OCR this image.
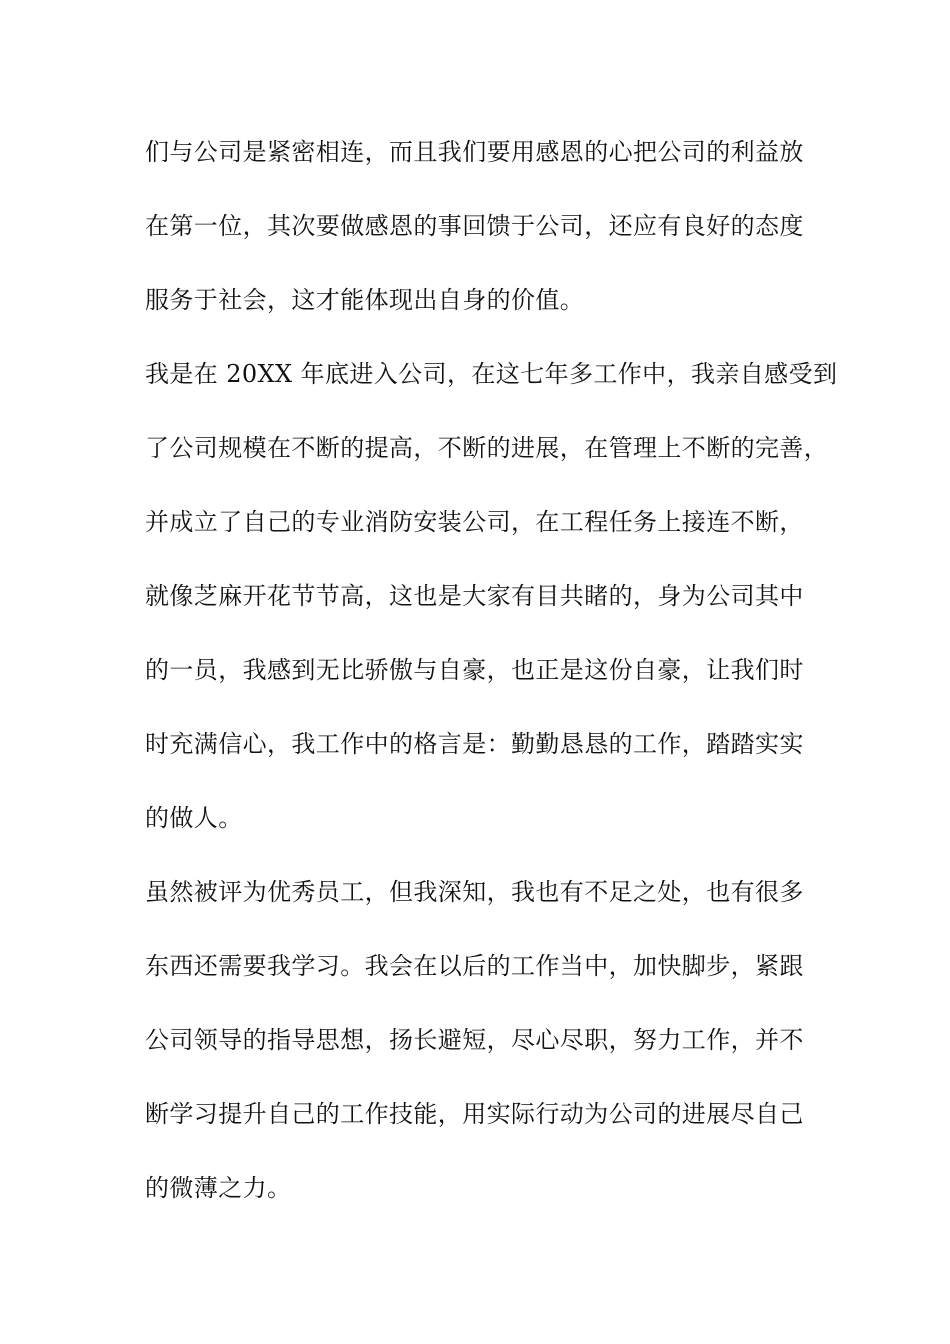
们与公司是紧密相连，而且我们要用感恩的心把公司的利益放
在第一位，其次要做感恩的事回馈于公司，还应有良好的态度
服务于社会，这才能体现出自身的价值。
我是在 20XX 年底进入公司，在这七年多工作中，我亲自感受到
了公司规模在不断的提高，不断的进展，在管理上不断的完善，
并成立了自己的专业消防安装公司，在工程任务上接连不断，
就像芝麻开花节节高，这也是大家有目共睹的，身为公司其中
的一员，我感到无比骄傲与自豪，也正是这份自豪，让我们时
时充满信心，我工作中的格言是：勤勤恳恳的工作，踏踏实实
的做人。
虽然被评为优秀员工，但我深知，我也有不足之处，也有很多
东西还需要我学习。我会在以后的工作当中，加快脚步，紧跟
公司领导的指导思想，扬长避短，尽心尽职，努力工作，并不
断学习提升自己的工作技能，用实际行动为公司的进展尽自己
的微薄之力。
